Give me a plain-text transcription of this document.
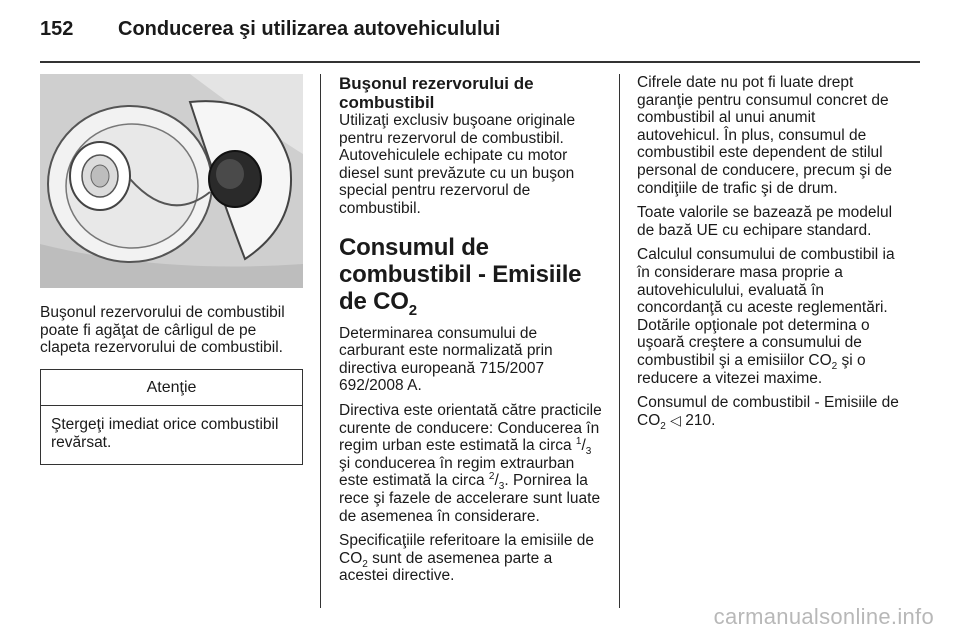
152	Conducerea şi utilizarea autovehiculului
Buşonul rezervorului de combustibil poate fi agăţat de cârligul de pe clapeta rezervorului de combustibil.
Atenţie
Ştergeţi imediat orice combustibil revărsat.
Buşonul rezervorului de combustibil

Utilizaţi exclusiv buşoane originale pentru rezervorul de combustibil. Autovehiculele echipate cu motor diesel sunt prevăzute cu un buşon special pentru rezervorul de combustibil.

Consumul de combustibil - Emisiile de $CO_2$

Determinarea consumului de carburant este normalizată prin directiva europeană 715/2007 692/2008 A.

Directiva este orientată către practicile curente de conducere: Conducerea în regim urban este estimată la circa $^1/_3$ şi conducerea în regim extraurban este estimată la circa $^2/_3$. Pornirea la rece şi fazele de accelerare sunt luate de asemenea în considerare.

Specificaţiile referitoare la emisiile de $CO_2$ sunt de asemenea parte a acestei directive.

Cifrele date nu pot fi luate drept garanţie pentru consumul concret de combustibil al unui anumit autovehicul. În plus, consumul de combustibil este dependent de stilul personal de conducere, precum şi de condiţiile de trafic şi de drum.

Toate valorile se bazează pe modelul de bază UE cu echipare standard.

Calculul consumului de combustibil ia în considerare masa proprie a autovehiculului, evaluată în concordanţă cu aceste reglementări. Dotările opţionale pot determina o uşoară creştere a consumului de combustibil şi a emisiilor $CO_2$ şi o reducere a vitezei maxime.

Consumul de combustibil - Emisiile de $CO_2$ ◁ 210.

carmanualsonline.info
